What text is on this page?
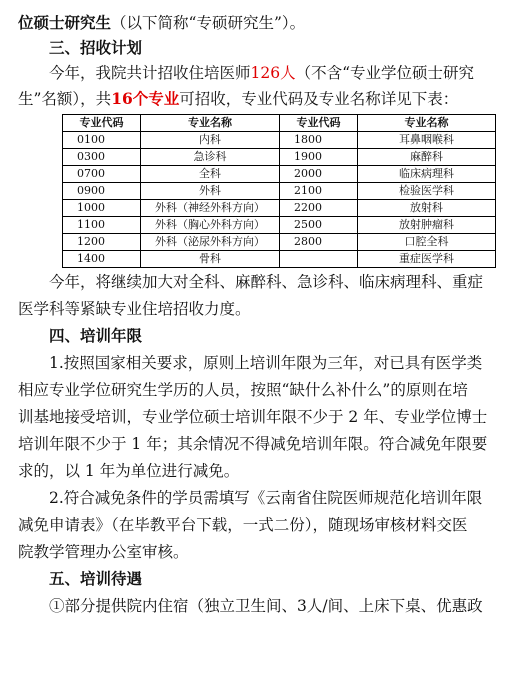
位硕士研究生（以下简称“专硕研究生”）。

三、招收计划

今年，我院共计招收住培医师126人（不含“专业学位硕士研究

生”名额），共16个专业可招收，专业代码及专业名称详见下表：

专业代码	专业名称	专业代码	专业名称
0100	内科	1800	耳鼻咽喉科
0300	急诊科	1900	麻醉科
0700	全科	2000	临床病理科
0900	外科	2100	检验医学科
1000	外科（神经外科方向）	2200	放射科
1100	外科（胸心外科方向）	2500	放射肿瘤科
1200	外科（泌尿外科方向）	2800	口腔全科
1400	骨科		重症医学科

今年，将继续加大对全科、麻醉科、急诊科、临床病理科、重症

医学科等紧缺专业住培招收力度。

四、培训年限

1.按照国家相关要求，原则上培训年限为三年，对已具有医学类

相应专业学位研究生学历的人员，按照“缺什么补什么”的原则在培

训基地接受培训，专业学位硕士培训年限不少于 2 年、专业学位博士

培训年限不少于 1 年；其余情况不得减免培训年限。符合减免年限要

求的，以 1 年为单位进行减免。

2.符合减免条件的学员需填写《云南省住院医师规范化培训年限

减免申请表》（在毕教平台下载，一式二份），随现场审核材料交医

院教学管理办公室审核。

五、培训待遇

①部分提供院内住宿（独立卫生间、3人/间、上床下桌、优惠政
